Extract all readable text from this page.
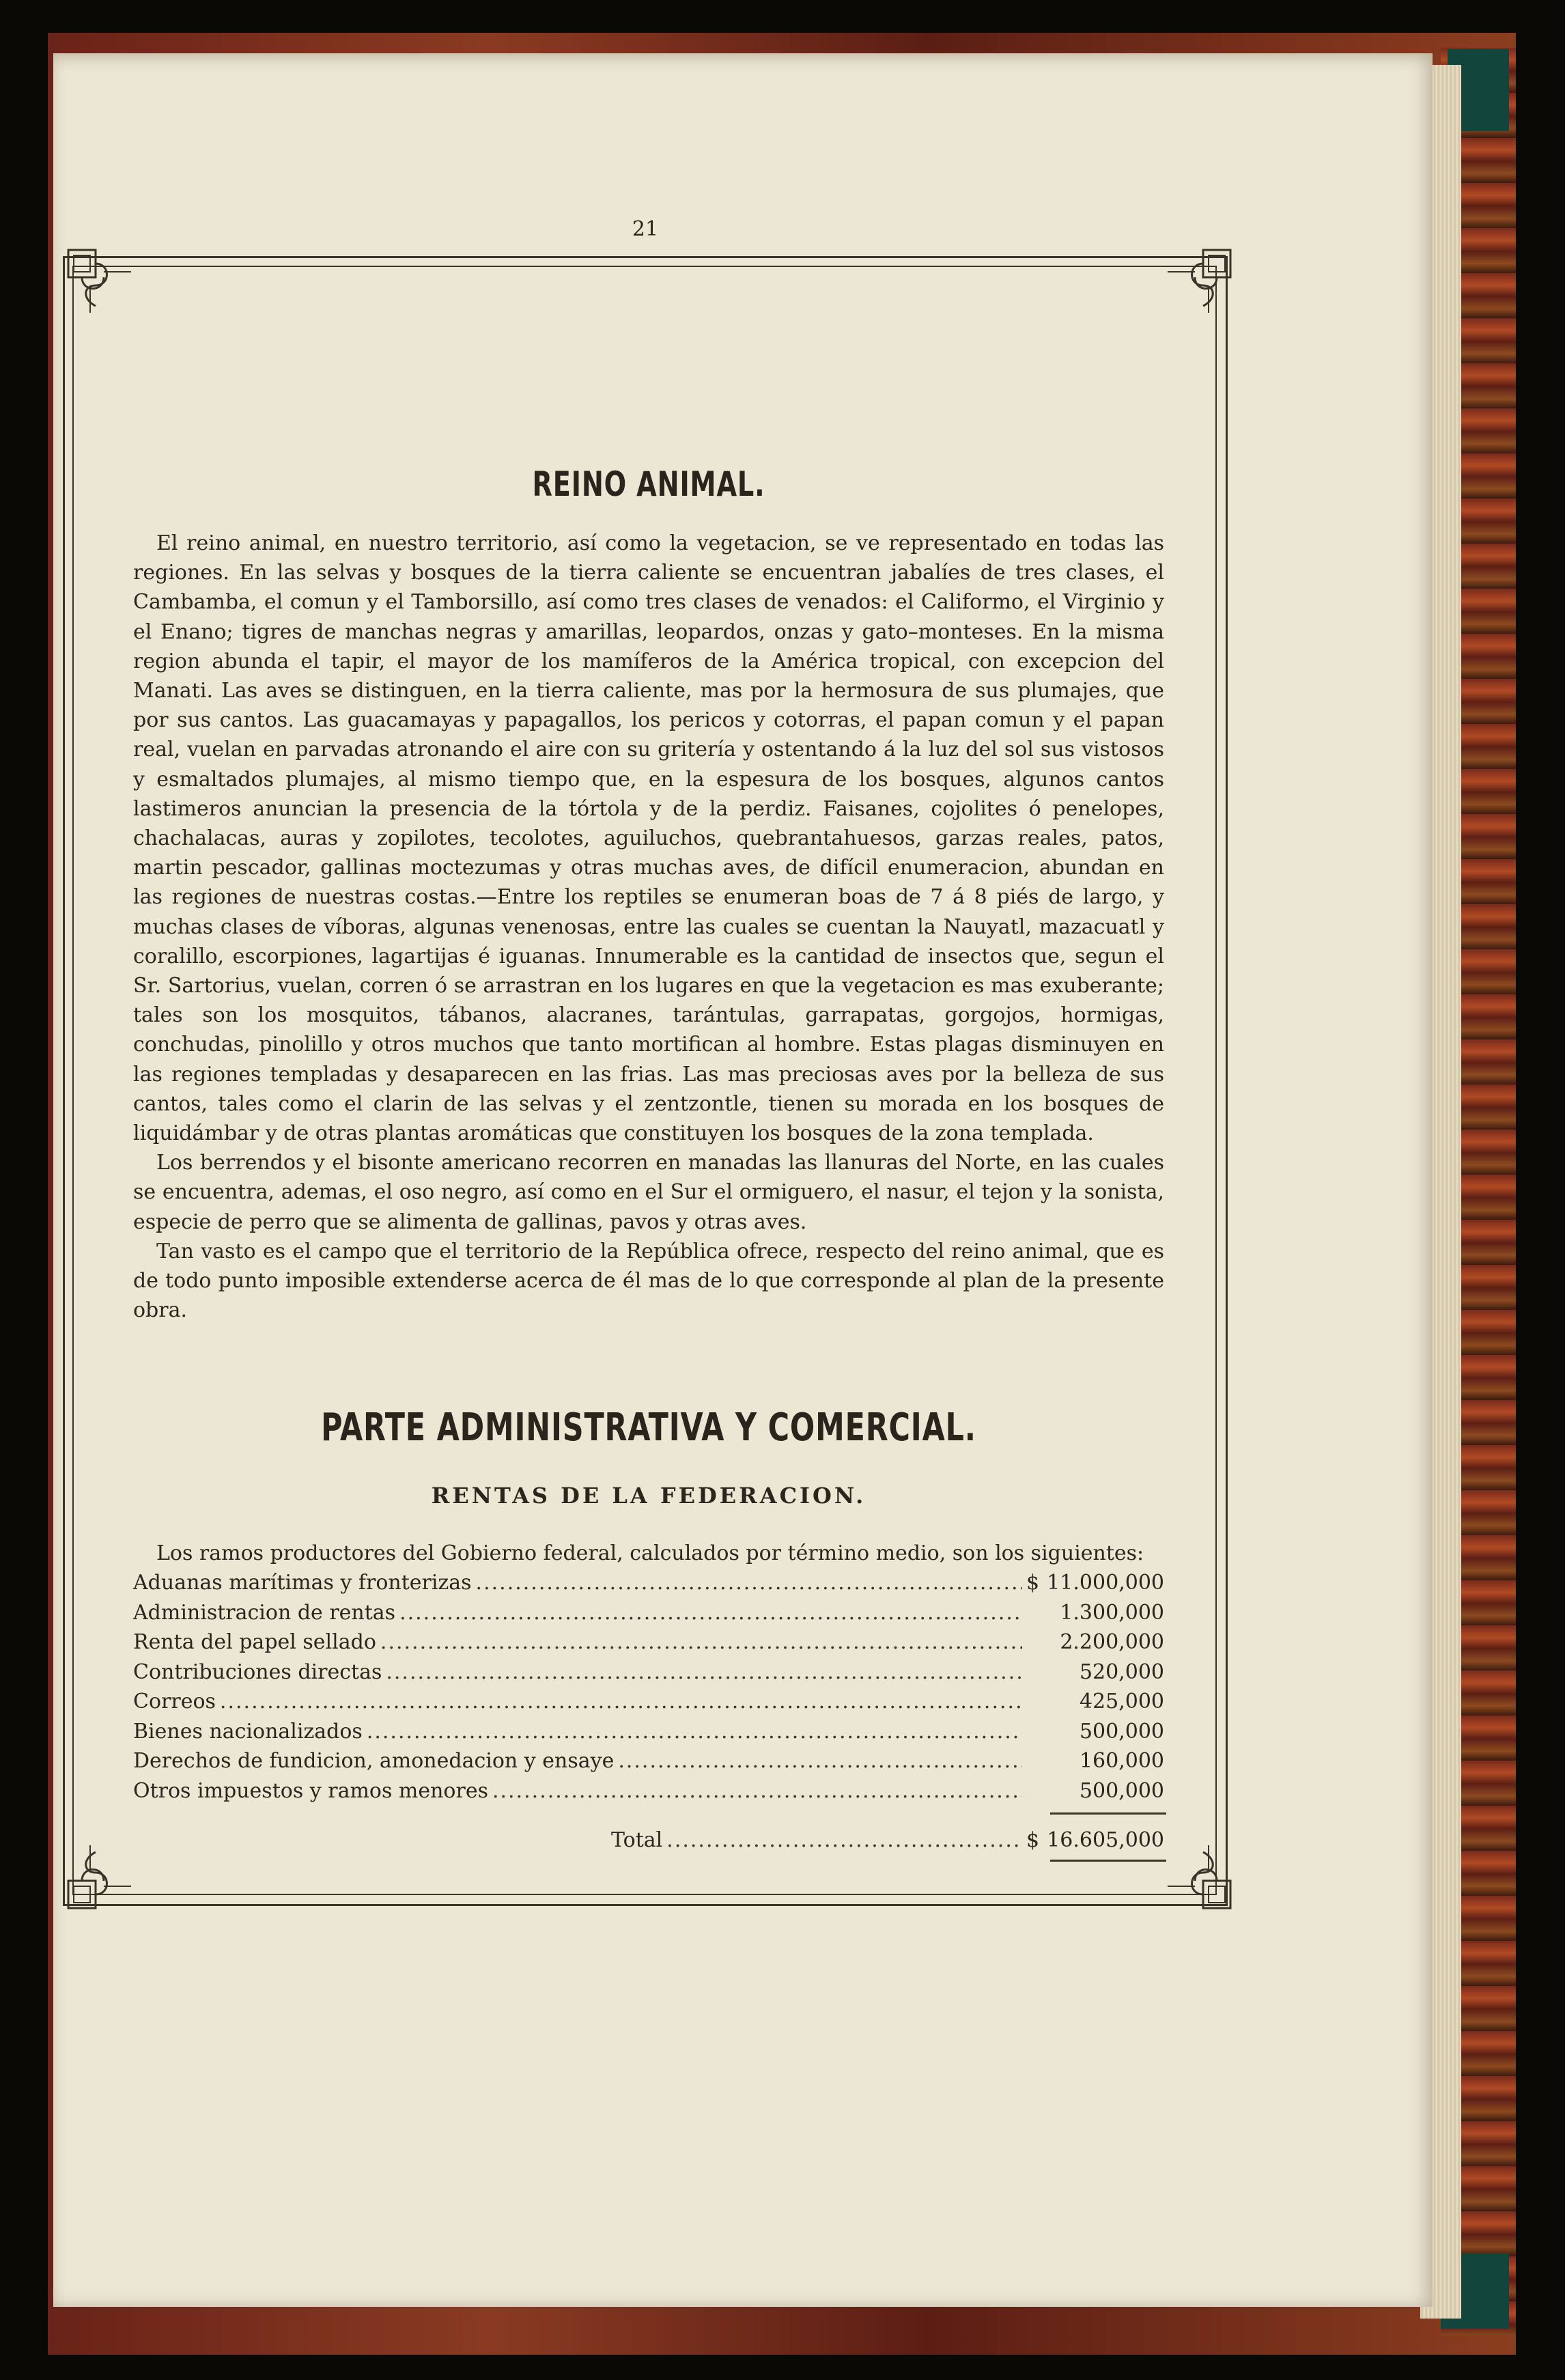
21
REINO ANIMAL.

El reino animal, en nuestro territorio, así como la vegetacion, se ve representado en todas las regiones. En las selvas y bosques de la tierra caliente se encuentran jabalíes de tres clases, el Cambamba, el comun y el Tamborsillo, así como tres clases de venados: el Califormo, el Virginio y el Enano; tigres de manchas negras y amarillas, leopardos, onzas y gato–monteses. En la misma region abunda el tapir, el mayor de los mamíferos de la América tropical, con excepcion del Manati. Las aves se distinguen, en la tierra caliente, mas por la hermosura de sus plumajes, que por sus cantos. Las guacamayas y papagallos, los pericos y cotorras, el papan comun y el papan real, vuelan en parvadas atronando el aire con su gritería y ostentando á la luz del sol sus vistosos y esmaltados plumajes, al mismo tiempo que, en la espesura de los bosques, algunos cantos lastimeros anuncian la presencia de la tórtola y de la perdiz. Faisanes, cojolites ó penelopes, chachalacas, auras y zopilotes, tecolotes, aguiluchos, quebrantahuesos, garzas reales, patos, martin pescador, gallinas moctezumas y otras muchas aves, de difícil enumeracion, abundan en las regiones de nuestras costas.—Entre los reptiles se enumeran boas de 7 á 8 piés de largo, y muchas clases de víboras, algunas venenosas, entre las cuales se cuentan la Nauyatl, mazacuatl y coralillo, escorpiones, lagartijas é iguanas. Innumerable es la cantidad de insectos que, segun el Sr. Sartorius, vuelan, corren ó se arrastran en los lugares en que la vegetacion es mas exuberante; tales son los mosquitos, tábanos, alacranes, tarántulas, garrapatas, gorgojos, hormigas, conchudas, pinolillo y otros muchos que tanto mortifican al hombre. Estas plagas disminuyen en las regiones templadas y desaparecen en las frias. Las mas preciosas aves por la belleza de sus cantos, tales como el clarin de las selvas y el zentzontle, tienen su morada en los bosques de liquidámbar y de otras plantas aromáticas que constituyen los bosques de la zona templada.

Los berrendos y el bisonte americano recorren en manadas las llanuras del Norte, en las cuales se encuentra, ademas, el oso negro, así como en el Sur el ormiguero, el nasur, el tejon y la sonista, especie de perro que se alimenta de gallinas, pavos y otras aves.

Tan vasto es el campo que el territorio de la República ofrece, respecto del reino animal, que es de todo punto imposible extenderse acerca de él mas de lo que corresponde al plan de la presente obra.

PARTE ADMINISTRATIVA Y COMERCIAL.
RENTAS DE LA FEDERACION.

Los ramos productores del Gobierno federal, calculados por término medio, son los siguientes:

Aduanas marítimas y fronterizas .....	$ 11.000,000
Administracion de rentas .....	1.300,000
Renta del papel sellado .....	2.200,000
Contribuciones directas .....	520,000
Correos .....	425,000
Bienes nacionalizados .....	500,000
Derechos de fundicion, amonedacion y ensaye .....	160,000
Otros impuestos y ramos menores .....	500,000
Total .....	$ 16.605,000
